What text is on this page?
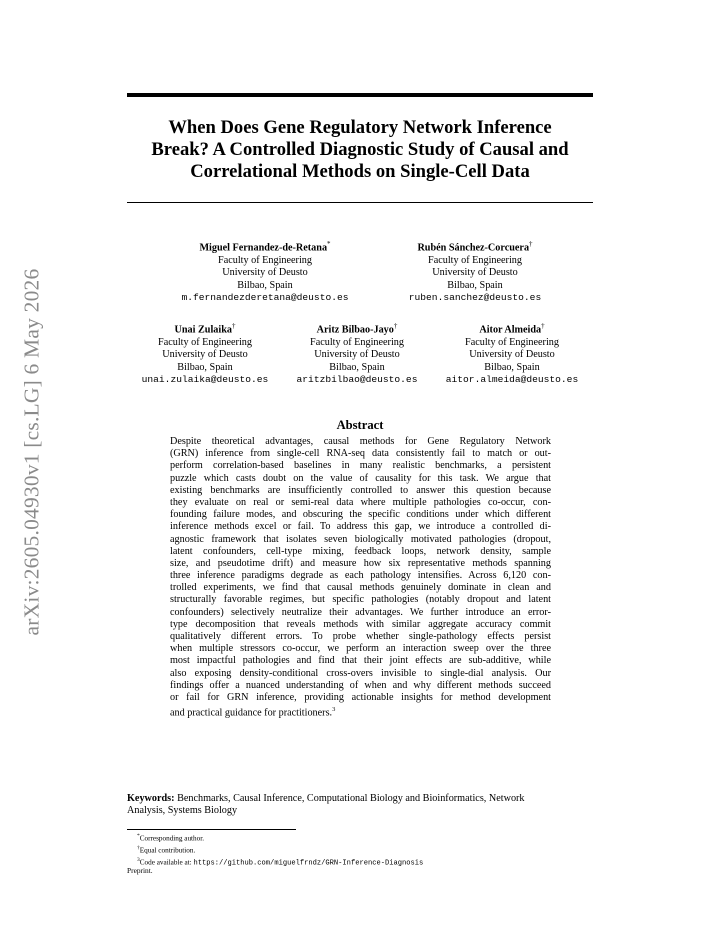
arXiv:2605.04930v1 [cs.LG] 6 May 2026
When Does Gene Regulatory Network Inference
Break? A Controlled Diagnostic Study of Causal and
Correlational Methods on Single-Cell Data
Miguel Fernandez-de-Retana*
Faculty of Engineering
University of Deusto
Bilbao, Spain
m.fernandezderetana@deusto.es
Rubén Sánchez-Corcuera†
Faculty of Engineering
University of Deusto
Bilbao, Spain
ruben.sanchez@deusto.es
Unai Zulaika†
Faculty of Engineering
University of Deusto
Bilbao, Spain
unai.zulaika@deusto.es
Aritz Bilbao-Jayo†
Faculty of Engineering
University of Deusto
Bilbao, Spain
aritzbilbao@deusto.es
Aitor Almeida†
Faculty of Engineering
University of Deusto
Bilbao, Spain
aitor.almeida@deusto.es
Abstract
Despite theoretical advantages, causal methods for Gene Regulatory Network
(GRN) inference from single-cell RNA-seq data consistently fail to match or out-
perform correlation-based baselines in many realistic benchmarks, a persistent
puzzle which casts doubt on the value of causality for this task. We argue that
existing benchmarks are insufficiently controlled to answer this question because
they evaluate on real or semi-real data where multiple pathologies co-occur, con-
founding failure modes, and obscuring the specific conditions under which different
inference methods excel or fail. To address this gap, we introduce a controlled di-
agnostic framework that isolates seven biologically motivated pathologies (dropout,
latent confounders, cell-type mixing, feedback loops, network density, sample
size, and pseudotime drift) and measure how six representative methods spanning
three inference paradigms degrade as each pathology intensifies. Across 6,120 con-
trolled experiments, we find that causal methods genuinely dominate in clean and
structurally favorable regimes, but specific pathologies (notably dropout and latent
confounders) selectively neutralize their advantages. We further introduce an error-
type decomposition that reveals methods with similar aggregate accuracy commit
qualitatively different errors. To probe whether single-pathology effects persist
when multiple stressors co-occur, we perform an interaction sweep over the three
most impactful pathologies and find that their joint effects are sub-additive, while
also exposing density-conditional cross-overs invisible to single-dial analysis. Our
findings offer a nuanced understanding of when and why different methods succeed
or fail for GRN inference, providing actionable insights for method development
and practical guidance for practitioners.$^3$
Keywords: Benchmarks, Causal Inference, Computational Biology and Bioinformatics, Network
Analysis, Systems Biology
*Corresponding author.
†Equal contribution.
$^3$Code available at: https://github.com/miguelfrndz/GRN-Inference-Diagnosis
Preprint.
